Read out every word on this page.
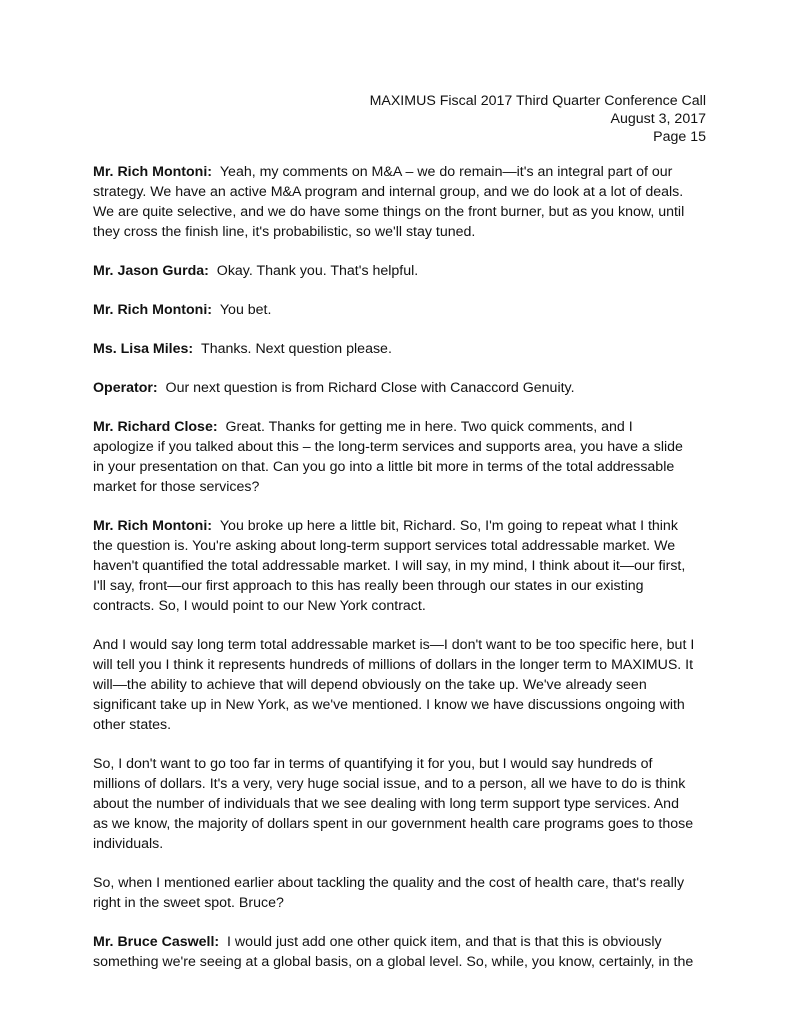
MAXIMUS Fiscal 2017 Third Quarter Conference Call
August 3, 2017
Page 15
Mr. Rich Montoni: Yeah, my comments on M&A – we do remain—it's an integral part of our
strategy. We have an active M&A program and internal group, and we do look at a lot of deals.
We are quite selective, and we do have some things on the front burner, but as you know, until
they cross the finish line, it's probabilistic, so we'll stay tuned.
Mr. Jason Gurda: Okay. Thank you. That's helpful.
Mr. Rich Montoni: You bet.
Ms. Lisa Miles: Thanks. Next question please.
Operator: Our next question is from Richard Close with Canaccord Genuity.
Mr. Richard Close: Great. Thanks for getting me in here. Two quick comments, and I
apologize if you talked about this – the long-term services and supports area, you have a slide
in your presentation on that. Can you go into a little bit more in terms of the total addressable
market for those services?
Mr. Rich Montoni: You broke up here a little bit, Richard. So, I'm going to repeat what I think
the question is. You're asking about long-term support services total addressable market. We
haven't quantified the total addressable market. I will say, in my mind, I think about it—our first,
I'll say, front—our first approach to this has really been through our states in our existing
contracts. So, I would point to our New York contract.
And I would say long term total addressable market is—I don't want to be too specific here, but I
will tell you I think it represents hundreds of millions of dollars in the longer term to MAXIMUS. It
will—the ability to achieve that will depend obviously on the take up. We've already seen
significant take up in New York, as we've mentioned. I know we have discussions ongoing with
other states.
So, I don't want to go too far in terms of quantifying it for you, but I would say hundreds of
millions of dollars. It's a very, very huge social issue, and to a person, all we have to do is think
about the number of individuals that we see dealing with long term support type services. And
as we know, the majority of dollars spent in our government health care programs goes to those
individuals.
So, when I mentioned earlier about tackling the quality and the cost of health care, that's really
right in the sweet spot. Bruce?
Mr. Bruce Caswell: I would just add one other quick item, and that is that this is obviously
something we're seeing at a global basis, on a global level. So, while, you know, certainly, in the
